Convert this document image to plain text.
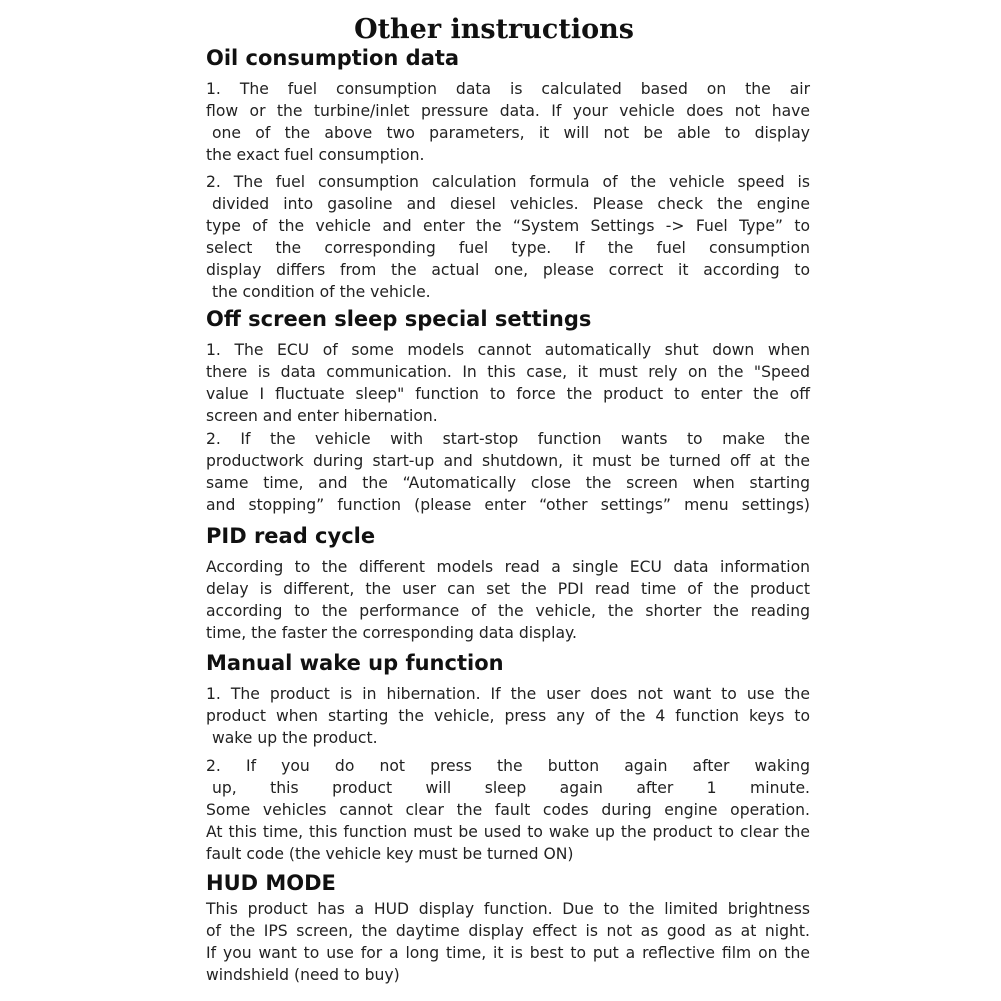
Other instructions
Oil consumption data

1. The fuel consumption data is calculated based on the air
flow or the turbine/inlet pressure data. If your vehicle does not have
one of the above two parameters, it will not be able to display
the exact fuel consumption.

2. The fuel consumption calculation formula of the vehicle speed is
divided into gasoline and diesel vehicles. Please check the engine
type of the vehicle and enter the “System Settings -> Fuel Type” to
select the corresponding fuel type. If the fuel consumption
display differs from the actual one, please correct it according to
the condition of the vehicle.

Off screen sleep special settings

1. The ECU of some models cannot automatically shut down when
there is data communication. In this case, it must rely on the "Speed
value I fluctuate sleep" function to force the product to enter the off
screen and enter hibernation.

2. If the vehicle with start-stop function wants to make the
productwork during start-up and shutdown, it must be turned off at the
same time, and the “Automatically close the screen when starting
and stopping” function (please enter “other settings” menu settings)

PID read cycle

According to the different models read a single ECU data information
delay is different, the user can set the PDI read time of the product
according to the performance of the vehicle, the shorter the reading
time, the faster the corresponding data display.

Manual wake up function

1. The product is in hibernation. If the user does not want to use the
product when starting the vehicle, press any of the 4 function keys to
wake up the product.

2. If you do not press the button again after waking
up, this product will sleep again after 1 minute.
Some vehicles cannot clear the fault codes during engine operation.
At this time, this function must be used to wake up the product to clear the
fault code (the vehicle key must be turned ON)

HUD MODE

This product has a HUD display function. Due to the limited brightness
of the IPS screen, the daytime display effect is not as good as at night.
If you want to use for a long time, it is best to put a reflective film on the
windshield (need to buy)
